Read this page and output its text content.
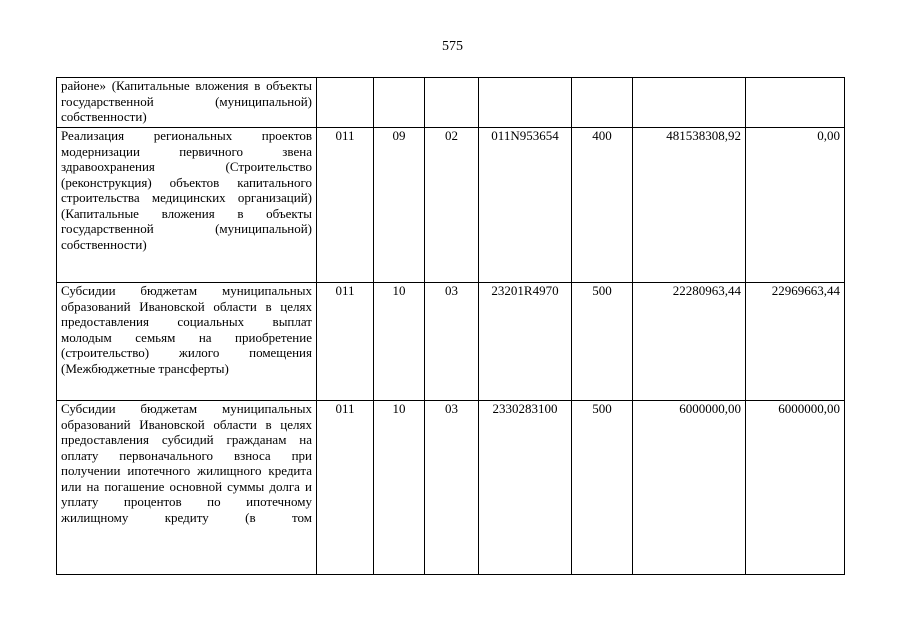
575
районе» (Капитальные вложения в объекты государственной (муниципальной) собственности)							

Реализация региональных проектов модернизации первичного звена здравоохранения (Строительство (реконструкция) объектов капитального строительства медицинских организаций) (Капитальные вложения в объекты государственной (муниципальной) собственности)	011	09	02	011N953654	400	481538308,92	0,00

Субсидии бюджетам муниципальных образований Ивановской области в целях предоставления социальных выплат молодым семьям на приобретение (строительство) жилого помещения (Межбюджетные трансферты)	011	10	03	23201R4970	500	22280963,44	22969663,44

Субсидии бюджетам муниципальных образований Ивановской области в целях предоставления субсидий гражданам на оплату первоначального взноса при получении ипотечного жилищного кредита или на погашение основной суммы долга и уплату процентов по ипотечному жилищному кредиту (в том	011	10	03	2330283100	500	6000000,00	6000000,00
